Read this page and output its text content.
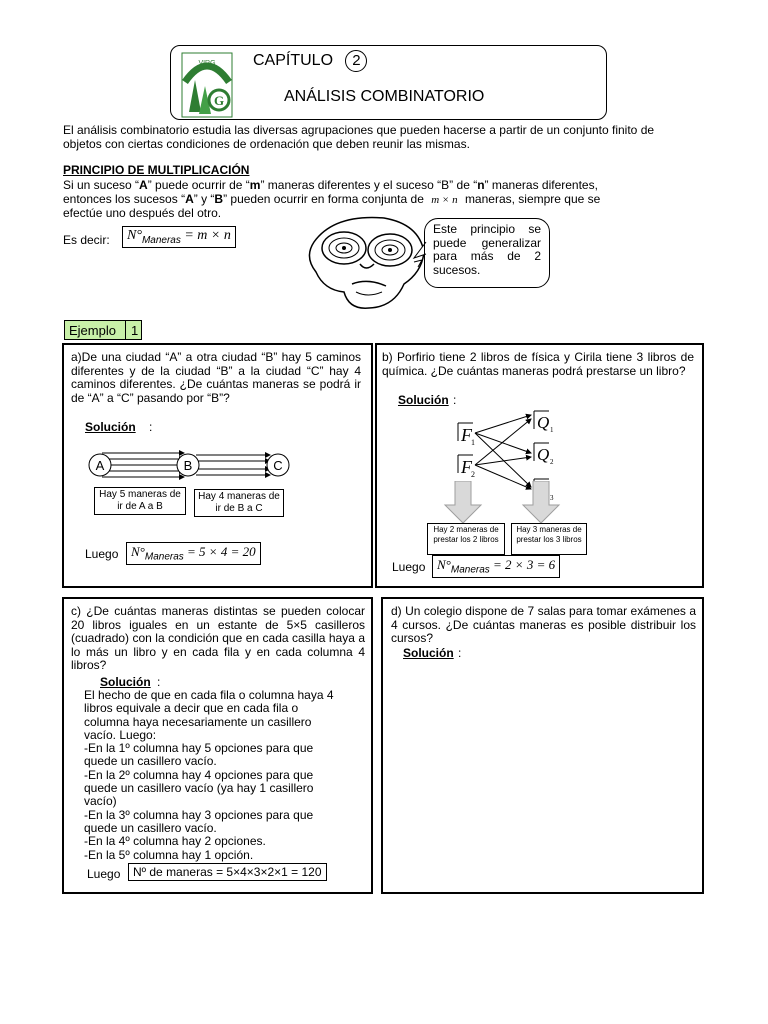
VIRG
G
CAPÍTULO 2
ANÁLISIS COMBINATORIO
El análisis combinatorio estudia las diversas agrupaciones que pueden hacerse a partir de un conjunto finito de objetos con ciertas condiciones de ordenación que deben reunir las mismas.
PRINCIPIO DE MULTIPLICACIÓN
Si un suceso “A” puede ocurrir de “m” maneras diferentes y el suceso “B” de “n” maneras diferentes,
entonces los sucesos “A” y “B” pueden ocurrir en forma conjunta de m × n maneras, siempre que se
efectúe uno después del otro.
Es decir:	$N^\circ_{Maneras} = m \times n$	Este principio se puede generalizar para más de 2 sucesos.
Ejemplo 1
a)De una ciudad “A” a otra ciudad “B” hay 5 caminos diferentes y de la ciudad “B” a la ciudad “C” hay 4 caminos diferentes. ¿De cuántas maneras se podrá ir de “A” a “C” pasando por “B”?
Solución :
A	B	C
Hay 5 maneras de ir de A a B
Hay 4 maneras de ir de B a C
Luego $N^\circ_{Maneras} = 5 \times 4 = 20$
b) Porfirio tiene 2 libros de física y Cirila tiene 3 libros de química. ¿De cuántas maneras podrá prestarse un libro?
Solución :
F 1
F 2
Q 1
Q 2
3
Hay 2 maneras de prestar los 2 libros
Hay 3 maneras de prestar los 3 libros
Luego $N^\circ_{Maneras} = 2 \times 3 = 6$
c) ¿De cuántas maneras distintas se pueden colocar 20 libros iguales en un estante de 5×5 casilleros (cuadrado) con la condición que en cada casilla haya a lo más un libro y en cada fila y en cada columna 4 libros?
Solución :
El hecho de que en cada fila o columna haya 4
libros equivale a decir que en cada fila o
columna haya necesariamente un casillero
vacío. Luego:
-En la 1º columna hay 5 opciones para que
quede un casillero vacío.
-En la 2º columna hay 4 opciones para que
quede un casillero vacío (ya hay 1 casillero
vacío)
-En la 3º columna hay 3 opciones para que
quede un casillero vacío.
-En la 4º columna hay 2 opciones.
-En la 5º columna hay 1 opción.
Luego	Nº de maneras = 5×4×3×2×1 = 120
d) Un colegio dispone de 7 salas para tomar exámenes a 4 cursos. ¿De cuántas maneras es posible distribuir los cursos?
Solución :
